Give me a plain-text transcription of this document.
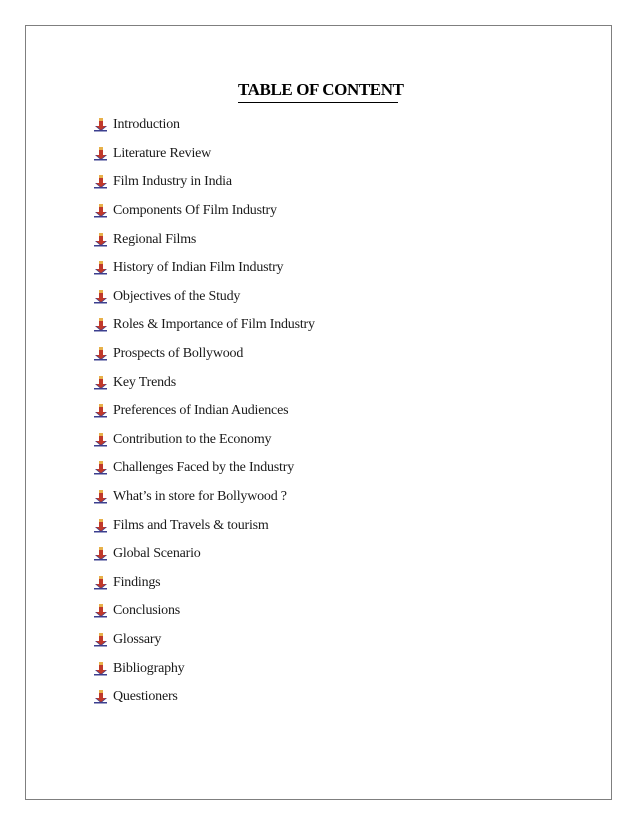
TABLE OF CONTENT
Introduction
Literature Review
Film Industry in India
Components Of Film Industry
Regional Films
History of Indian Film Industry
Objectives of the Study
Roles & Importance of Film Industry
Prospects of Bollywood
Key Trends
Preferences of Indian Audiences
Contribution to the Economy
Challenges Faced by the Industry
What’s in store for Bollywood ?
Films and Travels & tourism
Global Scenario
Findings
Conclusions
Glossary
Bibliography
Questioners
